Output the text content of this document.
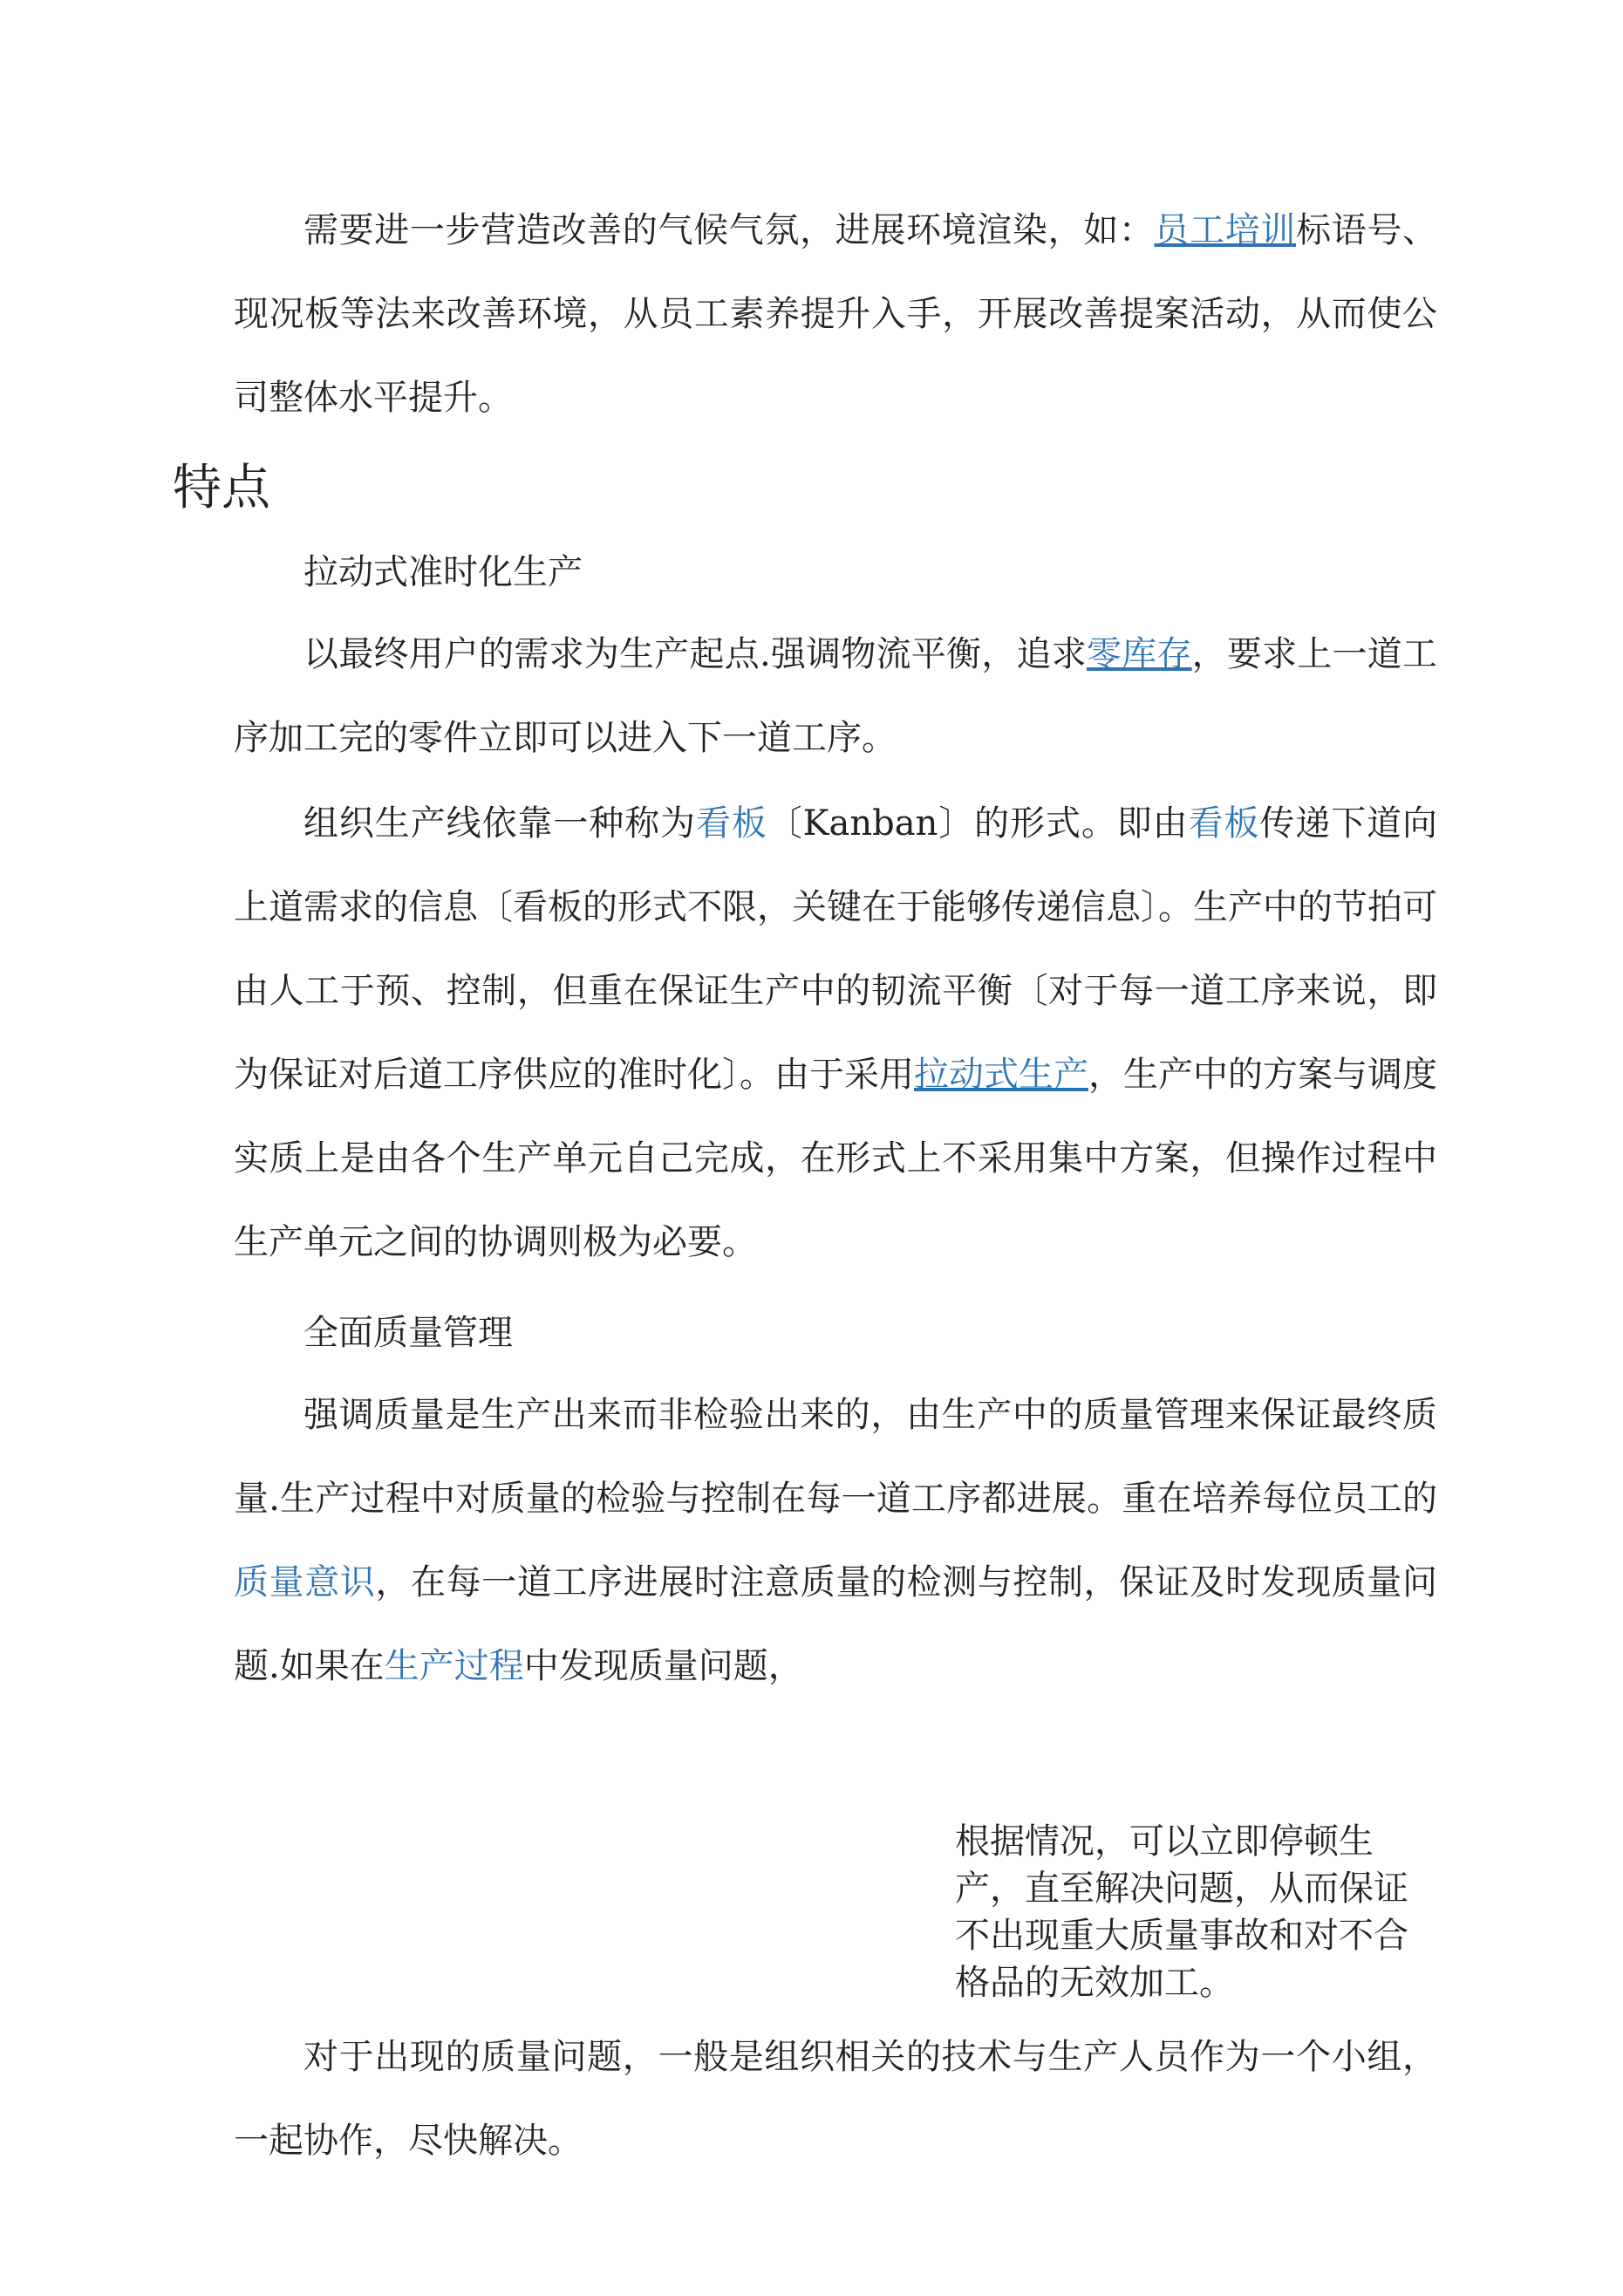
需要进一步营造改善的气候气氛，进展环境渲染，如：员工培训标语号、现况板等法来改善环境，从员工素养提升入手，开展改善提案活动，从而使公司整体水平提升。

特点

拉动式准时化生产

以最终用户的需求为生产起点.强调物流平衡，追求零库存，要求上一道工序加工完的零件立即可以进入下一道工序。

组织生产线依靠一种称为看板〔Kanban〕的形式。即由看板传递下道向上道需求的信息〔看板的形式不限，关键在于能够传递信息〕。生产中的节拍可由人工于预、控制，但重在保证生产中的韧流平衡〔对于每一道工序来说，即为保证对后道工序供应的准时化〕。由于采用拉动式生产，生产中的方案与调度实质上是由各个生产单元自己完成，在形式上不采用集中方案，但操作过程中生产单元之间的协调则极为必要。

全面质量管理

强调质量是生产出来而非检验出来的，由生产中的质量管理来保证最终质量.生产过程中对质量的检验与控制在每一道工序都进展。重在培养每位员工的质量意识，在每一道工序进展时注意质量的检测与控制，保证及时发现质量问题.如果在生产过程中发现质量问题，

根据情况，可以立即停顿生产，直至解决问题，从而保证不出现重大质量事故和对不合格品的无效加工。

对于出现的质量问题，一般是组织相关的技术与生产人员作为一个小组，一起协作，尽快解决。
